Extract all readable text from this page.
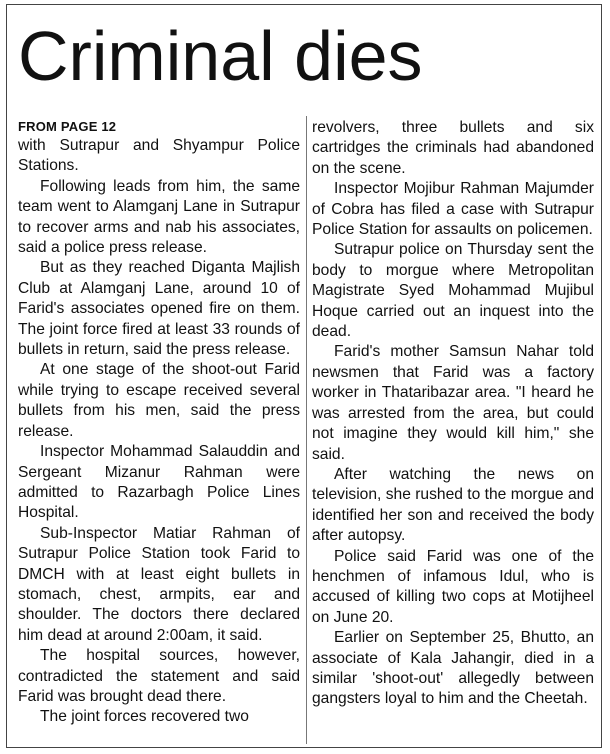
Criminal dies
FROM PAGE 12

with Sutrapur and Shyampur Police Stations.

Following leads from him, the same team went to Alamganj Lane in Sutrapur to recover arms and nab his associates, said a police press release.

But as they reached Diganta Majlish Club at Alamganj Lane, around 10 of Farid's associates opened fire on them. The joint force fired at least 33 rounds of bullets in return, said the press release.

At one stage of the shoot-out Farid while trying to escape received several bullets from his men, said the press release.

Inspector Mohammad Salauddin and Sergeant Mizanur Rahman were admitted to Razarbagh Police Lines Hospital.

Sub-Inspector Matiar Rahman of Sutrapur Police Station took Farid to DMCH with at least eight bullets in stomach, chest, armpits, ear and shoulder. The doctors there declared him dead at around 2:00am, it said.

The hospital sources, however, contradicted the statement and said Farid was brought dead there.

The joint forces recovered two

revolvers, three bullets and six cartridges the criminals had abandoned on the scene.

Inspector Mojibur Rahman Majumder of Cobra has filed a case with Sutrapur Police Station for assaults on policemen.

Sutrapur police on Thursday sent the body to morgue where Metropolitan Magistrate Syed Mohammad Mujibul Hoque carried out an inquest into the dead.

Farid's mother Samsun Nahar told newsmen that Farid was a factory worker in Thataribazar area. "I heard he was arrested from the area, but could not imagine they would kill him," she said.

After watching the news on television, she rushed to the morgue and identified her son and received the body after autopsy.

Police said Farid was one of the henchmen of infamous Idul, who is accused of killing two cops at Motijheel on June 20.

Earlier on September 25, Bhutto, an associate of Kala Jahangir, died in a similar 'shoot-out' allegedly between gangsters loyal to him and the Cheetah.
